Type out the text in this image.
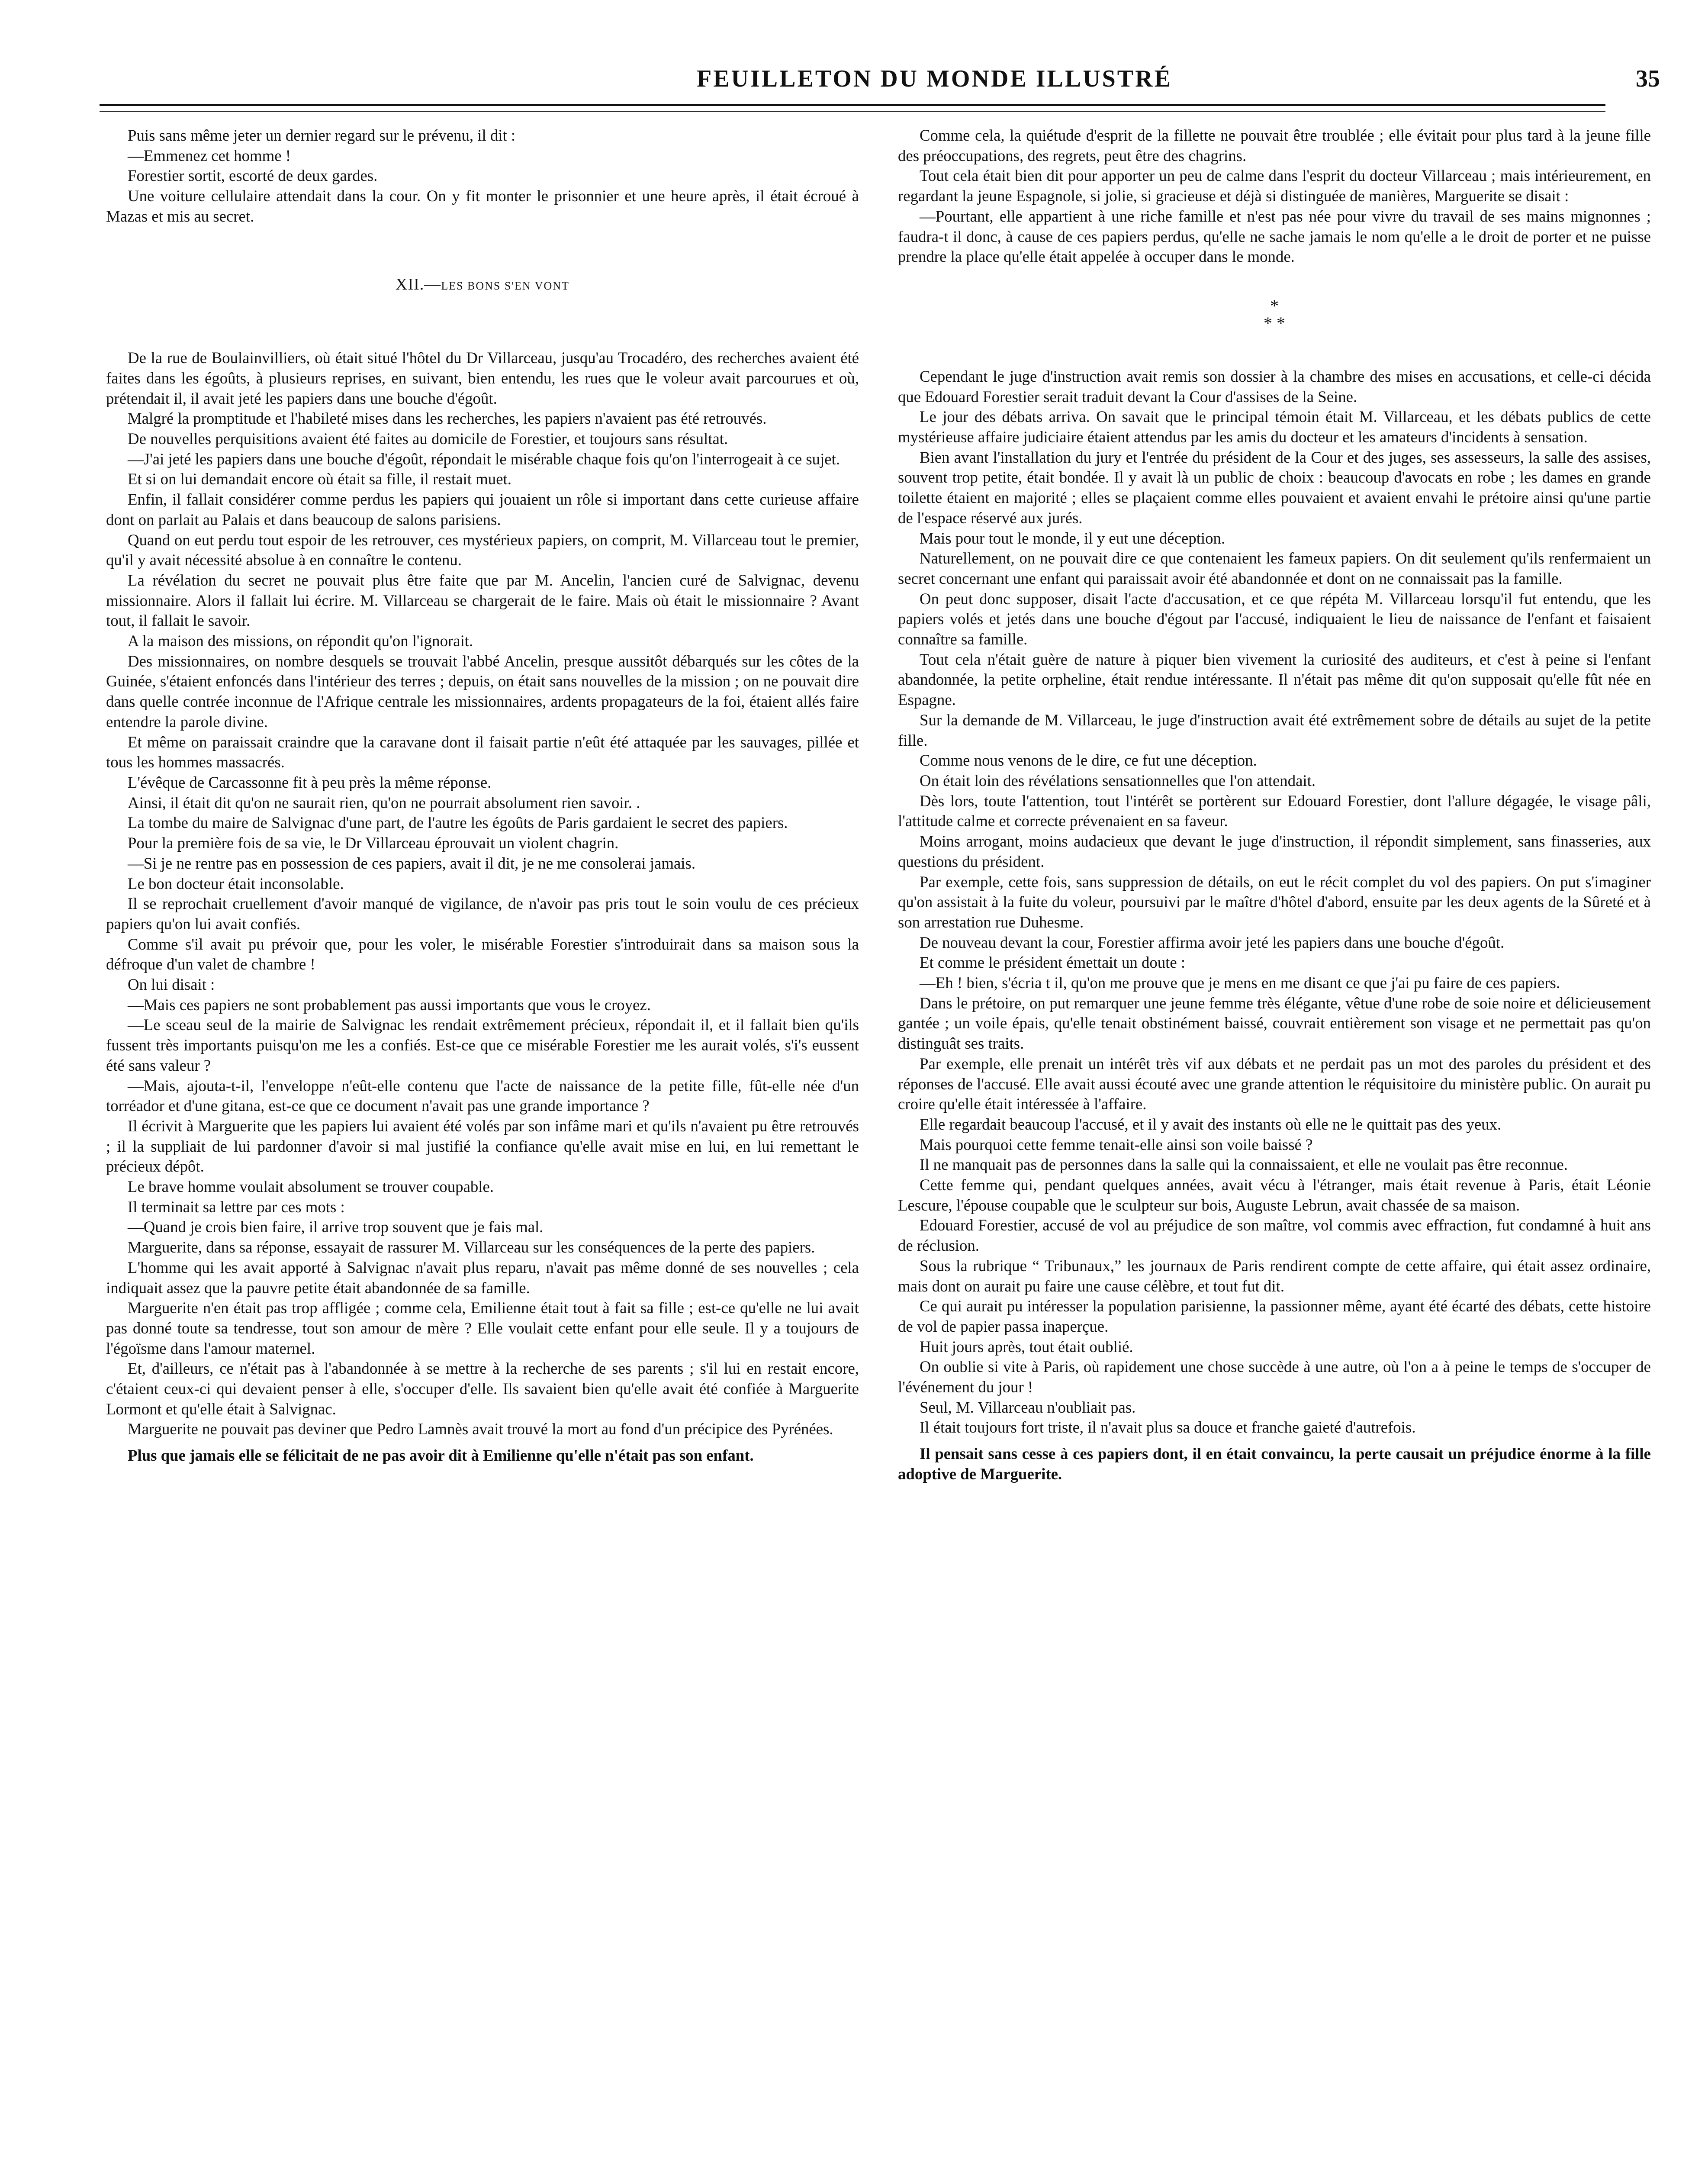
FEUILLETON DU MONDE ILLUSTRÉ	35

Puis sans même jeter un dernier regard sur le prévenu, il dit :

—Emmenez cet homme !

Forestier sortit, escorté de deux gardes.

Une voiture cellulaire attendait dans la cour. On y fit monter le prisonnier et une heure après, il était écroué à Mazas et mis au secret.

XII.—LES BONS S'EN VONT

De la rue de Boulainvilliers, où était situé l'hôtel du Dr Villarceau, jusqu'au Trocadéro, des recherches avaient été faites dans les égoûts, à plusieurs reprises, en suivant, bien entendu, les rues que le voleur avait parcourues et où, prétendait il, il avait jeté les papiers dans une bouche d'égoût.

Malgré la promptitude et l'habileté mises dans les recherches, les papiers n'avaient pas été retrouvés.

De nouvelles perquisitions avaient été faites au domicile de Forestier, et toujours sans résultat.

—J'ai jeté les papiers dans une bouche d'égoût, répondait le misérable chaque fois qu'on l'interrogeait à ce sujet.

Et si on lui demandait encore où était sa fille, il restait muet.

Enfin, il fallait considérer comme perdus les papiers qui jouaient un rôle si important dans cette curieuse affaire dont on parlait au Palais et dans beaucoup de salons parisiens.

Quand on eut perdu tout espoir de les retrouver, ces mystérieux papiers, on comprit, M. Villarceau tout le premier, qu'il y avait nécessité absolue à en connaître le contenu.

La révélation du secret ne pouvait plus être faite que par M. Ancelin, l'ancien curé de Salvignac, devenu missionnaire. Alors il fallait lui écrire. M. Villarceau se chargerait de le faire. Mais où était le missionnaire ? Avant tout, il fallait le savoir.

A la maison des missions, on répondit qu'on l'ignorait.

Des missionnaires, on nombre desquels se trouvait l'abbé Ancelin, presque aussitôt débarqués sur les côtes de la Guinée, s'étaient enfoncés dans l'intérieur des terres ; depuis, on était sans nouvelles de la mission ; on ne pouvait dire dans quelle contrée inconnue de l'Afrique centrale les missionnaires, ardents propagateurs de la foi, étaient allés faire entendre la parole divine.

Et même on paraissait craindre que la caravane dont il faisait partie n'eût été attaquée par les sauvages, pillée et tous les hommes massacrés.

L'évêque de Carcassonne fit à peu près la même réponse.

Ainsi, il était dit qu'on ne saurait rien, qu'on ne pourrait absolument rien savoir. .

La tombe du maire de Salvignac d'une part, de l'autre les égoûts de Paris gardaient le secret des papiers.

Pour la première fois de sa vie, le Dr Villarceau éprouvait un violent chagrin.

—Si je ne rentre pas en possession de ces papiers, avait il dit, je ne me consolerai jamais.

Le bon docteur était inconsolable.

Il se reprochait cruellement d'avoir manqué de vigilance, de n'avoir pas pris tout le soin voulu de ces précieux papiers qu'on lui avait confiés.

Comme s'il avait pu prévoir que, pour les voler, le misérable Forestier s'introduirait dans sa maison sous la défroque d'un valet de chambre !

On lui disait :

—Mais ces papiers ne sont probablement pas aussi importants que vous le croyez.

—Le sceau seul de la mairie de Salvignac les rendait extrêmement précieux, répondait il, et il fallait bien qu'ils fussent très importants puisqu'on me les a confiés. Est-ce que ce misérable Forestier me les aurait volés, s'i's eussent été sans valeur ?

—Mais, ajouta-t-il, l'enveloppe n'eût-elle contenu que l'acte de naissance de la petite fille, fût-elle née d'un torréador et d'une gitana, est-ce que ce document n'avait pas une grande importance ?

Il écrivit à Marguerite que les papiers lui avaient été volés par son infâme mari et qu'ils n'avaient pu être retrouvés ; il la suppliait de lui pardonner d'avoir si mal justifié la confiance qu'elle avait mise en lui, en lui remettant le précieux dépôt.

Le brave homme voulait absolument se trouver coupable.

Il terminait sa lettre par ces mots :

—Quand je crois bien faire, il arrive trop souvent que je fais mal.

Marguerite, dans sa réponse, essayait de rassurer M. Villarceau sur les conséquences de la perte des papiers.

L'homme qui les avait apporté à Salvignac n'avait plus reparu, n'avait pas même donné de ses nouvelles ; cela indiquait assez que la pauvre petite était abandonnée de sa famille.

Marguerite n'en était pas trop affligée ; comme cela, Emilienne était tout à fait sa fille ; est-ce qu'elle ne lui avait pas donné toute sa tendresse, tout son amour de mère ? Elle voulait cette enfant pour elle seule. Il y a toujours de l'égoïsme dans l'amour maternel.

Et, d'ailleurs, ce n'était pas à l'abandonnée à se mettre à la recherche de ses parents ; s'il lui en restait encore, c'étaient ceux-ci qui devaient penser à elle, s'occuper d'elle. Ils savaient bien qu'elle avait été confiée à Marguerite Lormont et qu'elle était à Salvignac.

Marguerite ne pouvait pas deviner que Pedro Lamnès avait trouvé la mort au fond d'un précipice des Pyrénées.

Plus que jamais elle se félicitait de ne pas avoir dit à Emilienne qu'elle n'était pas son enfant.

Comme cela, la quiétude d'esprit de la fillette ne pouvait être troublée ; elle évitait pour plus tard à la jeune fille des préoccupations, des regrets, peut être des chagrins.

Tout cela était bien dit pour apporter un peu de calme dans l'esprit du docteur Villarceau ; mais intérieurement, en regardant la jeune Espagnole, si jolie, si gracieuse et déjà si distinguée de manières, Marguerite se disait :

—Pourtant, elle appartient à une riche famille et n'est pas née pour vivre du travail de ses mains mignonnes ; faudra-t il donc, à cause de ces papiers perdus, qu'elle ne sache jamais le nom qu'elle a le droit de porter et ne puisse prendre la place qu'elle était appelée à occuper dans le monde.

*
* *

Cependant le juge d'instruction avait remis son dossier à la chambre des mises en accusations, et celle-ci décida que Edouard Forestier serait traduit devant la Cour d'assises de la Seine.

Le jour des débats arriva. On savait que le principal témoin était M. Villarceau, et les débats publics de cette mystérieuse affaire judiciaire étaient attendus par les amis du docteur et les amateurs d'incidents à sensation.

Bien avant l'installation du jury et l'entrée du président de la Cour et des juges, ses assesseurs, la salle des assises, souvent trop petite, était bondée. Il y avait là un public de choix : beaucoup d'avocats en robe ; les dames en grande toilette étaient en majorité ; elles se plaçaient comme elles pouvaient et avaient envahi le prétoire ainsi qu'une partie de l'espace réservé aux jurés.

Mais pour tout le monde, il y eut une déception.

Naturellement, on ne pouvait dire ce que contenaient les fameux papiers. On dit seulement qu'ils renfermaient un secret concernant une enfant qui paraissait avoir été abandonnée et dont on ne connaissait pas la famille.

On peut donc supposer, disait l'acte d'accusation, et ce que répéta M. Villarceau lorsqu'il fut entendu, que les papiers volés et jetés dans une bouche d'égout par l'accusé, indiquaient le lieu de naissance de l'enfant et faisaient connaître sa famille.

Tout cela n'était guère de nature à piquer bien vivement la curiosité des auditeurs, et c'est à peine si l'enfant abandonnée, la petite orpheline, était rendue intéressante. Il n'était pas même dit qu'on supposait qu'elle fût née en Espagne.

Sur la demande de M. Villarceau, le juge d'instruction avait été extrêmement sobre de détails au sujet de la petite fille.

Comme nous venons de le dire, ce fut une déception.

On était loin des révélations sensationnelles que l'on attendait.

Dès lors, toute l'attention, tout l'intérêt se portèrent sur Edouard Forestier, dont l'allure dégagée, le visage pâli, l'attitude calme et correcte prévenaient en sa faveur.

Moins arrogant, moins audacieux que devant le juge d'instruction, il répondit simplement, sans finasseries, aux questions du président.

Par exemple, cette fois, sans suppression de détails, on eut le récit complet du vol des papiers. On put s'imaginer qu'on assistait à la fuite du voleur, poursuivi par le maître d'hôtel d'abord, ensuite par les deux agents de la Sûreté et à son arrestation rue Duhesme.

De nouveau devant la cour, Forestier affirma avoir jeté les papiers dans une bouche d'égoût.

Et comme le président émettait un doute :

—Eh ! bien, s'écria t il, qu'on me prouve que je mens en me disant ce que j'ai pu faire de ces papiers.

Dans le prétoire, on put remarquer une jeune femme très élégante, vêtue d'une robe de soie noire et délicieusement gantée ; un voile épais, qu'elle tenait obstinément baissé, couvrait entièrement son visage et ne permettait pas qu'on distinguât ses traits.

Par exemple, elle prenait un intérêt très vif aux débats et ne perdait pas un mot des paroles du président et des réponses de l'accusé. Elle avait aussi écouté avec une grande attention le réquisitoire du ministère public. On aurait pu croire qu'elle était intéressée à l'affaire.

Elle regardait beaucoup l'accusé, et il y avait des instants où elle ne le quittait pas des yeux.

Mais pourquoi cette femme tenait-elle ainsi son voile baissé ?

Il ne manquait pas de personnes dans la salle qui la connaissaient, et elle ne voulait pas être reconnue.

Cette femme qui, pendant quelques années, avait vécu à l'étranger, mais était revenue à Paris, était Léonie Lescure, l'épouse coupable que le sculpteur sur bois, Auguste Lebrun, avait chassée de sa maison.

Edouard Forestier, accusé de vol au préjudice de son maître, vol commis avec effraction, fut condamné à huit ans de réclusion.

Sous la rubrique “ Tribunaux,” les journaux de Paris rendirent compte de cette affaire, qui était assez ordinaire, mais dont on aurait pu faire une cause célèbre, et tout fut dit.

Ce qui aurait pu intéresser la population parisienne, la passionner même, ayant été écarté des débats, cette histoire de vol de papier passa inaperçue.

Huit jours après, tout était oublié.

On oublie si vite à Paris, où rapidement une chose succède à une autre, où l'on a à peine le temps de s'occuper de l'événement du jour !

Seul, M. Villarceau n'oubliait pas.

Il était toujours fort triste, il n'avait plus sa douce et franche gaieté d'autrefois.

Il pensait sans cesse à ces papiers dont, il en était convaincu, la perte causait un préjudice énorme à la fille adoptive de Marguerite.
